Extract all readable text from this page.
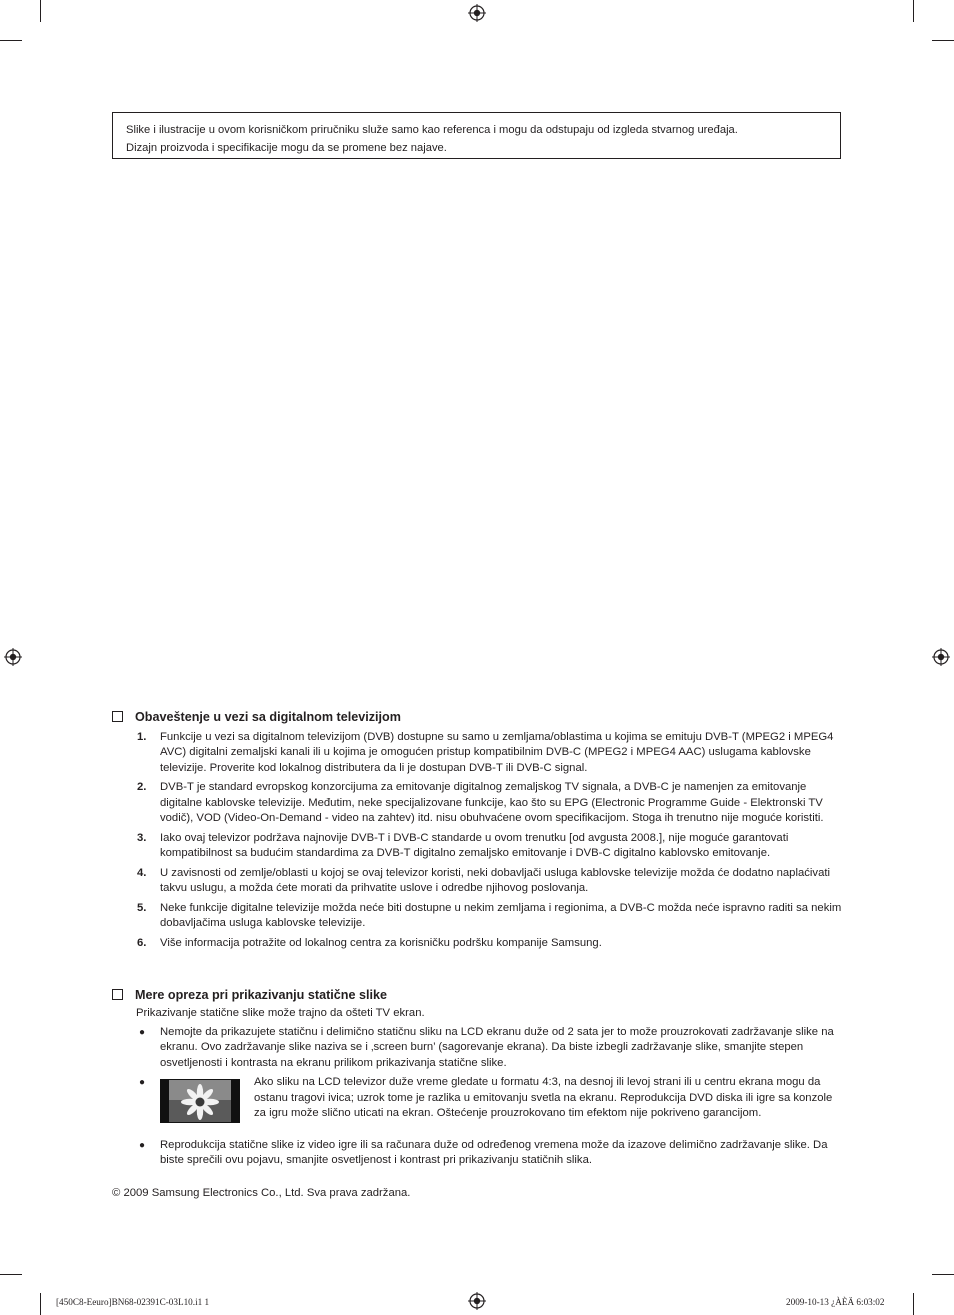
Slike i ilustracije u ovom korisničkom priručniku služe samo kao referenca i mogu da odstupaju od izgleda stvarnog uređaja.

Dizajn proizvoda i specifikacije mogu da se promene bez najave.

Obaveštenje u vezi sa digitalnom televizijom
1. Funkcije u vezi sa digitalnom televizijom (DVB) dostupne su samo u zemljama/oblastima u kojima se emituju DVB-T (MPEG2 i MPEG4 AVC) digitalni zemaljski kanali ili u kojima je omogućen pristup kompatibilnim DVB-C (MPEG2 i MPEG4 AAC) uslugama kablovske televizije. Proverite kod lokalnog distributera da li je dostupan DVB-T ili DVB-C signal.
2. DVB-T je standard evropskog konzorcijuma za emitovanje digitalnog zemaljskog TV signala, a DVB-C je namenjen za emitovanje digitalne kablovske televizije. Međutim, neke specijalizovane funkcije, kao što su EPG (Electronic Programme Guide - Elektronski TV vodič), VOD (Video-On-Demand - video na zahtev) itd. nisu obuhvaćene ovom specifikacijom. Stoga ih trenutno nije moguće koristiti.
3. Iako ovaj televizor podržava najnovije DVB-T i DVB-C standarde u ovom trenutku [od avgusta 2008.], nije moguće garantovati kompatibilnost sa budućim standardima za DVB-T digitalno zemaljsko emitovanje i DVB-C digitalno kablovsko emitovanje.
4. U zavisnosti od zemlje/oblasti u kojoj se ovaj televizor koristi, neki dobavljači usluga kablovske televizije možda će dodatno naplaćivati takvu uslugu, a možda ćete morati da prihvatite uslove i odredbe njihovog poslovanja.
5. Neke funkcije digitalne televizije možda neće biti dostupne u nekim zemljama i regionima, a DVB-C možda neće ispravno raditi sa nekim dobavljačima usluga kablovske televizije.
6. Više informacija potražite od lokalnog centra za korisničku podršku kompanije Samsung.
Mere opreza pri prikazivanju statične slike
Prikazivanje statične slike može trajno da ošteti TV ekran.
● Nemojte da prikazujete statičnu i delimično statičnu sliku na LCD ekranu duže od 2 sata jer to može prouzrokovati zadržavanje slike na ekranu. Ovo zadržavanje slike naziva se i ‚screen burn’ (sagorevanje ekrana). Da biste izbegli zadržavanje slike, smanjite stepen osvetljenosti i kontrasta na ekranu prilikom prikazivanja statične slike.
●	Ako sliku na LCD televizor duže vreme gledate u formatu 4:3, na desnoj ili levoj strani ili u centru ekrana mogu da ostanu tragovi ivica; uzrok tome je razlika u emitovanju svetla na ekranu. Reprodukcija DVD diska ili igre sa konzole za igru može slično uticati na ekran. Oštećenje prouzrokovano tim efektom nije pokriveno garancijom.
● Reprodukcija statične slike iz video igre ili sa računara duže od određenog vremena može da izazove delimično zadržavanje slike. Da biste sprečili ovu pojavu, smanjite osvetljenost i kontrast pri prikazivanju statičnih slika.
© 2009 Samsung Electronics Co., Ltd. Sva prava zadržana.
[450C8-Eeuro]BN68-02391C-03L10.i1 1	2009-10-13 ¿ÀÈÄ 6:03:02
